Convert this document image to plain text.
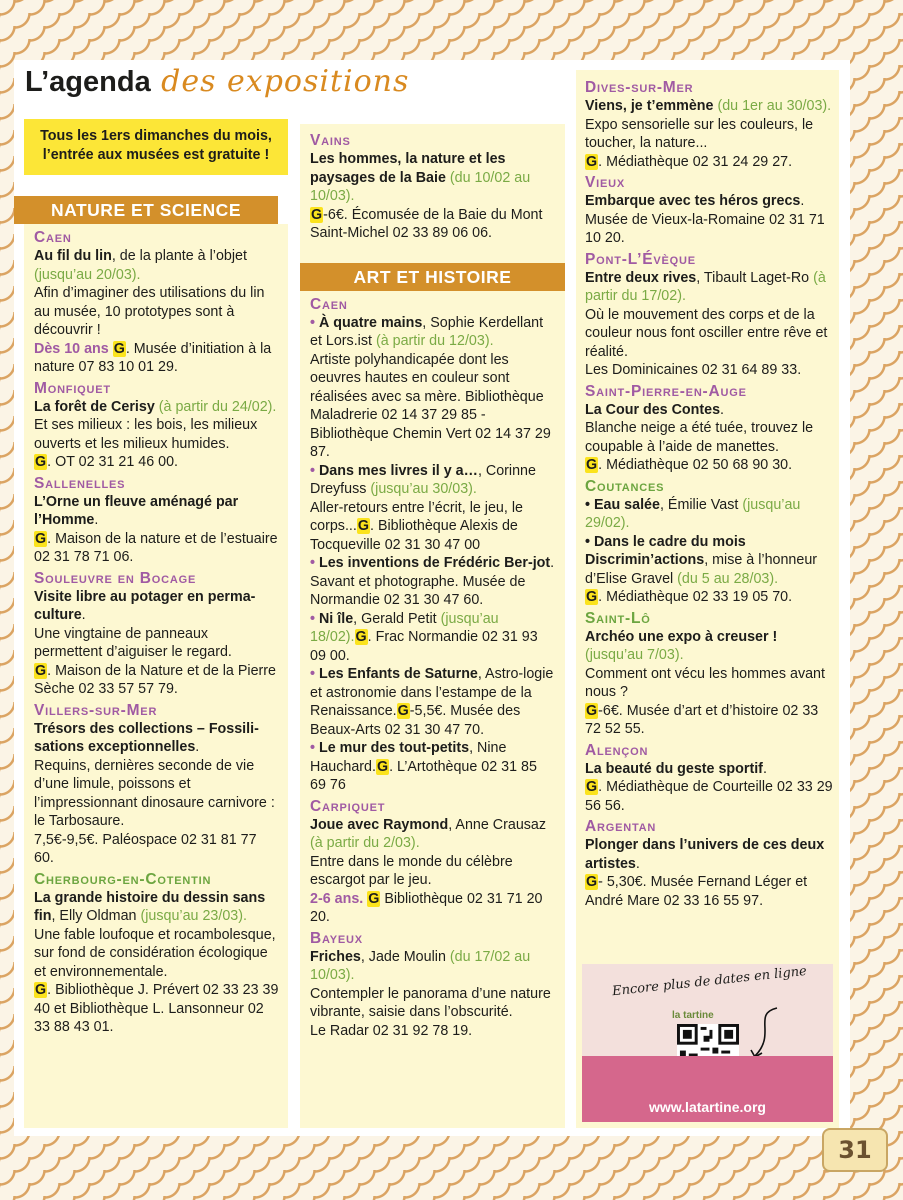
L’agenda des expositions
Tous les 1ers dimanches du mois, l’entrée aux musées est gratuite !
NATURE ET SCIENCE
Caen

Au fil du lin, de la plante à l’objet (jusqu’au 20/03).

Afin d’imaginer des utilisations du lin au musée, 10 prototypes sont à découvrir !

Dès 10 ans G. Musée d’initiation à la nature 07 83 10 01 29.

Monfiquet

La forêt de Cerisy (à partir du 24/02).

Et ses milieux : les bois, les milieux ouverts et les milieux humides.

G. OT 02 31 21 46 00.

Sallenelles

L’Orne un fleuve aménagé par l’Homme.

G. Maison de la nature et de l’estuaire 02 31 78 71 06.

Souleuvre en Bocage

Visite libre au potager en perma-culture.

Une vingtaine de panneaux permettent d’aiguiser le regard.

G. Maison de la Nature et de la Pierre Sèche 02 33 57 57 79.

Villers-sur-Mer

Trésors des collections – Fossili-sations exceptionnelles.

Requins, dernières seconde de vie d’une limule, poissons et l’impressionnant dinosaure carnivore : le Tarbosaure.

7,5€-9,5€. Paléospace 02 31 81 77 60.

Cherbourg-en-Cotentin

La grande histoire du dessin sans fin, Elly Oldman (jusqu’au 23/03).

Une fable loufoque et rocambolesque, sur fond de considération écologique et environnementale.

G. Bibliothèque J. Prévert 02 33 23 39 40 et Bibliothèque L. Lansonneur 02 33 88 43 01.

Vains

Les hommes, la nature et les paysages de la Baie (du 10/02 au 10/03).

G-6€. Écomusée de la Baie du Mont Saint-Michel 02 33 89 06 06.

ART ET HISTOIRE
Caen

• À quatre mains, Sophie Kerdellant et Lors.ist (à partir du 12/03).
Artiste polyhandicapée dont les oeuvres hautes en couleur sont réalisées avec sa mère. Bibliothèque Maladrerie 02 14 37 29 85 - Bibliothèque Chemin Vert 02 14 37 29 87.

• Dans mes livres il y a…, Corinne Dreyfuss (jusqu’au 30/03).
Aller-retours entre l’écrit, le jeu, le corps...G. Bibliothèque Alexis de Tocqueville 02 31 30 47 00

• Les inventions de Frédéric Ber-jot. Savant et photographe. Musée de Normandie 02 31 30 47 60.

• Ni île, Gerald Petit (jusqu’au 18/02).G. Frac Normandie 02 31 93 09 00.

• Les Enfants de Saturne, Astro-logie et astronomie dans l’estampe de la Renaissance.G-5,5€. Musée des Beaux-Arts 02 31 30 47 70.

• Le mur des tout-petits, Nine Hauchard.G. L’Artothèque 02 31 85 69 76

Carpiquet

Joue avec Raymond, Anne Crausaz (à partir du 2/03).

Entre dans le monde du célèbre escargot par le jeu.

2-6 ans. G Bibliothèque 02 31 71 20 20.

Bayeux

Friches, Jade Moulin (du 17/02 au 10/03).

Contempler le panorama d’une nature vibrante, saisie dans l’obscurité.

Le Radar 02 31 92 78 19.

Dives-sur-Mer

Viens, je t’emmène (du 1er au 30/03).

Expo sensorielle sur les couleurs, le toucher, la nature...

G. Médiathèque 02 31 24 29 27.

Vieux

Embarque avec tes héros grecs.

Musée de Vieux-la-Romaine 02 31 71 10 20.

Pont-L’Évèque

Entre deux rives, Tibault Laget-Ro (à partir du 17/02).

Où le mouvement des corps et de la couleur nous font osciller entre rêve et réalité.

Les Dominicaines 02 31 64 89 33.

Saint-Pierre-en-Auge

La Cour des Contes.

Blanche neige a été tuée, trouvez le coupable à l’aide de manettes.

G. Médiathèque 02 50 68 90 30.

Coutances

• Eau salée, Émilie Vast (jusqu’au 29/02).

• Dans le cadre du mois Discrimin’actions, mise à l’honneur d’Elise Gravel (du 5 au 28/03).

G. Médiathèque 02 33 19 05 70.

Saint-Lô

Archéo une expo à creuser ! (jusqu’au 7/03).

Comment ont vécu les hommes avant nous ?

G-6€. Musée d’art et d’histoire 02 33 72 52 55.

Alençon

La beauté du geste sportif.

G. Médiathèque de Courteille 02 33 29 56 56.

Argentan

Plonger dans l’univers de ces deux artistes.

G- 5,30€. Musée Fernand Léger et André Mare 02 33 16 55 97.

Encore plus de dates en ligne
la tartine
www.latartine.org
31
